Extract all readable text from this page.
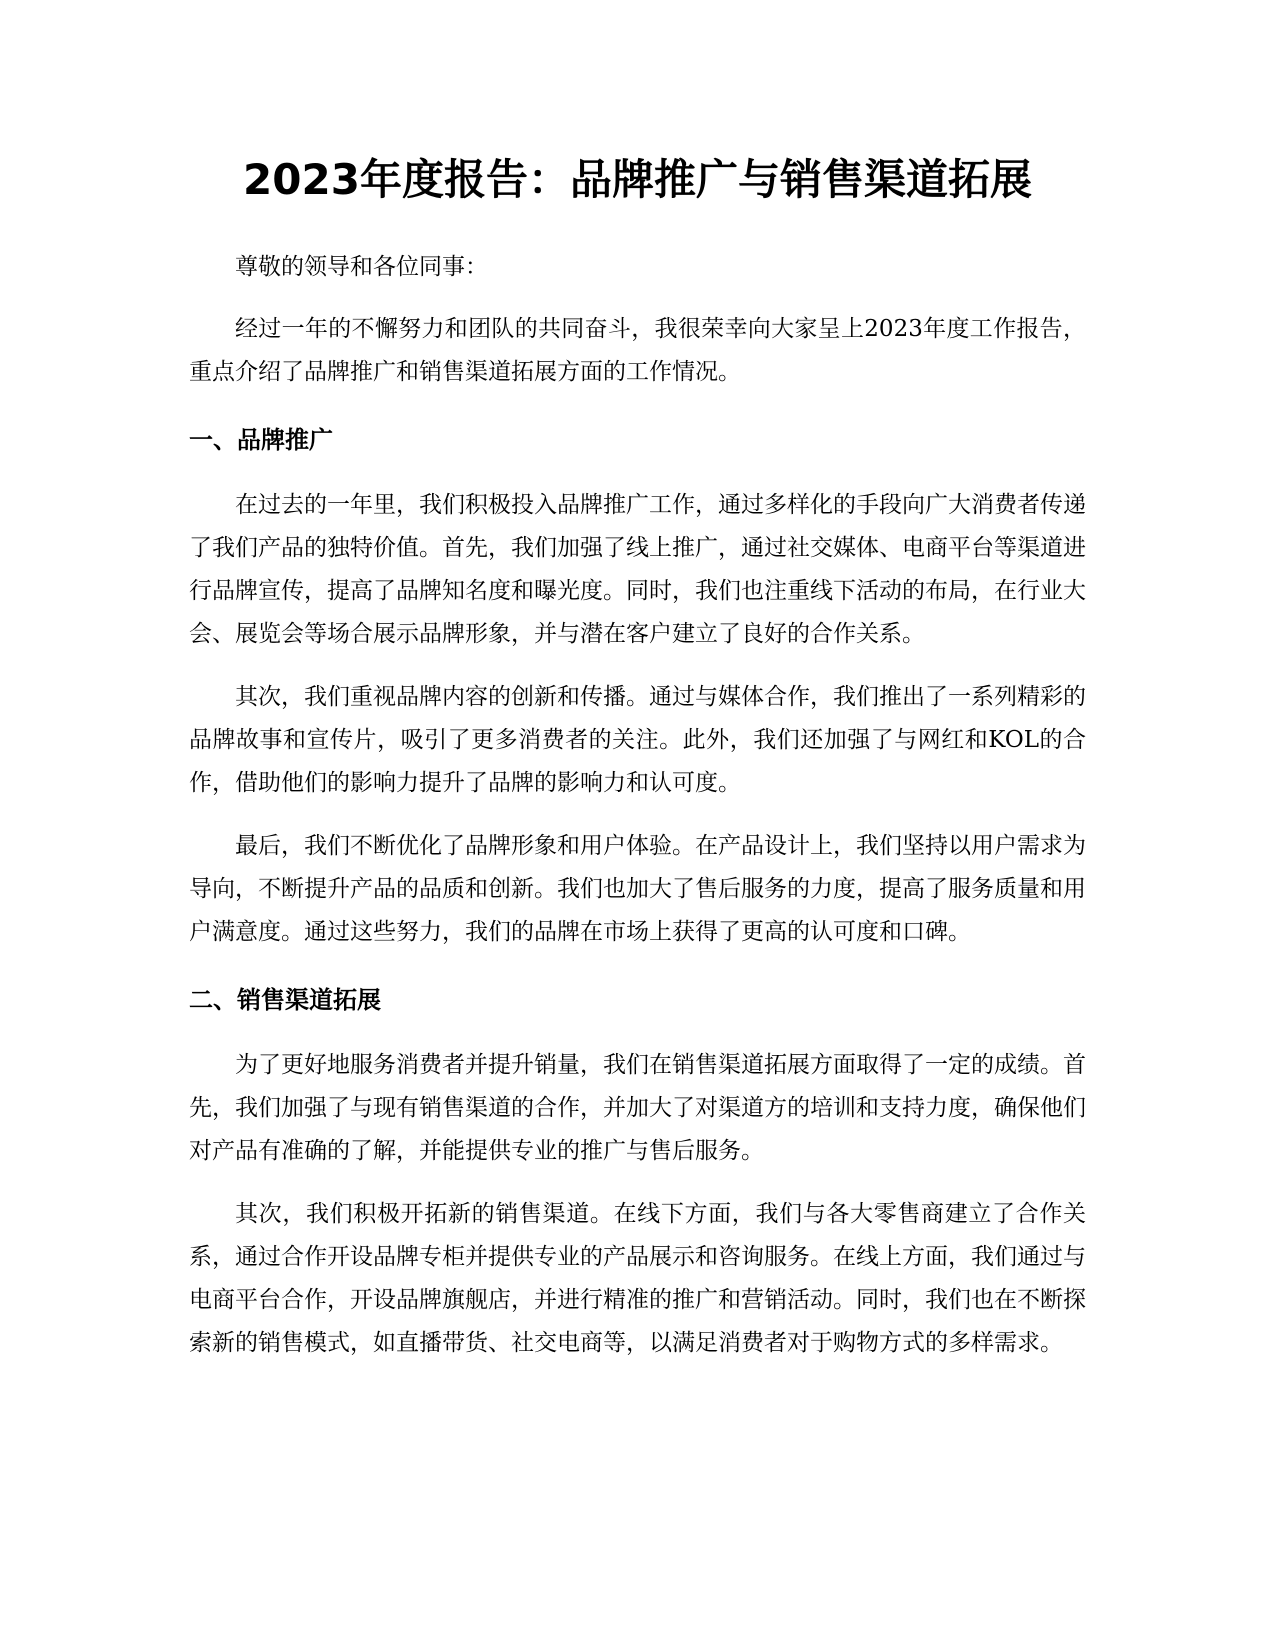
2023年度报告：品牌推广与销售渠道拓展

尊敬的领导和各位同事：

经过一年的不懈努力和团队的共同奋斗，我很荣幸向大家呈上2023年度工作报告，重点介绍了品牌推广和销售渠道拓展方面的工作情况。

一、品牌推广

在过去的一年里，我们积极投入品牌推广工作，通过多样化的手段向广大消费者传递了我们产品的独特价值。首先，我们加强了线上推广，通过社交媒体、电商平台等渠道进行品牌宣传，提高了品牌知名度和曝光度。同时，我们也注重线下活动的布局，在行业大会、展览会等场合展示品牌形象，并与潜在客户建立了良好的合作关系。

其次，我们重视品牌内容的创新和传播。通过与媒体合作，我们推出了一系列精彩的品牌故事和宣传片，吸引了更多消费者的关注。此外，我们还加强了与网红和KOL的合作，借助他们的影响力提升了品牌的影响力和认可度。

最后，我们不断优化了品牌形象和用户体验。在产品设计上，我们坚持以用户需求为导向，不断提升产品的品质和创新。我们也加大了售后服务的力度，提高了服务质量和用户满意度。通过这些努力，我们的品牌在市场上获得了更高的认可度和口碑。

二、销售渠道拓展

为了更好地服务消费者并提升销量，我们在销售渠道拓展方面取得了一定的成绩。首先，我们加强了与现有销售渠道的合作，并加大了对渠道方的培训和支持力度，确保他们对产品有准确的了解，并能提供专业的推广与售后服务。

其次，我们积极开拓新的销售渠道。在线下方面，我们与各大零售商建立了合作关系，通过合作开设品牌专柜并提供专业的产品展示和咨询服务。在线上方面，我们通过与电商平台合作，开设品牌旗舰店，并进行精准的推广和营销活动。同时，我们也在不断探索新的销售模式，如直播带货、社交电商等，以满足消费者对于购物方式的多样需求。
